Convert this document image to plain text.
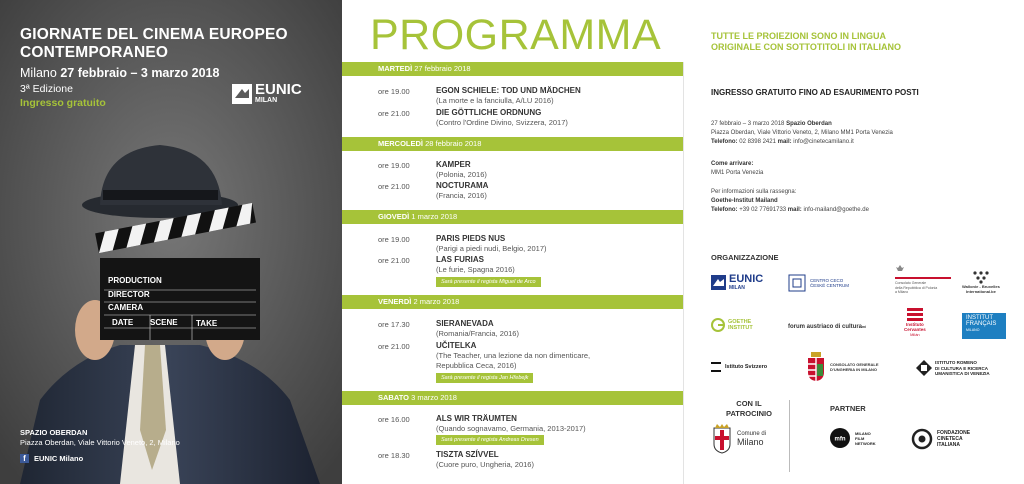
PRODUCTION
DIRECTOR
CAMERA
DATE SCENE TAKE
GIORNATE DEL CINEMA EUROPEO
CONTEMPORANEO
Milano 27 febbraio – 3 marzo 2018
3ª Edizione
Ingresso gratuito
EUNIC
MILAN
SPAZIO OBERDAN
Piazza Oberdan, Viale Vittorio Veneto, 2, Milano
f	EUNIC Milano
PROGRAMMA
MARTEDÌ 27 febbraio 2018
ore 19.00	EGON SCHIELE: TOD UND MÄDCHEN
(La morte e la fanciulla, A/LU 2016)
ore 21.00	DIE GÖTTLICHE ORDNUNG
(Contro l'Ordine Divino, Svizzera, 2017)
MERCOLEDÌ 28 febbraio 2018
ore 19.00	KAMPER
(Polonia, 2016)
ore 21.00	NOCTURAMA
(Francia, 2016)
GIOVEDÌ 1 marzo 2018
ore 19.00	PARIS PIEDS NUS
(Parigi a piedi nudi, Belgio, 2017)
ore 21.00	LAS FURIAS
(Le furie, Spagna 2016)
Sarà presente il regista Miguel de Arco
VENERDÌ 2 marzo 2018
ore 17.30	SIERANEVADA
(Romania/Francia, 2016)
ore 21.00	UČITELKA
(The Teacher, una lezione da non dimenticare,
Repubblica Ceca, 2016)
Sarà presente il regista Jan Hřebejk
SABATO 3 marzo 2018
ore 16.00	ALS WIR TRÄUMTEN
(Quando sognavamo, Germania, 2013-2017)
Sarà presente il regista Andreas Dresen
ore 18.30	TISZTA SZÍVVEL
(Cuore puro, Ungheria, 2016)
TUTTE LE PROIEZIONI SONO IN LINGUA
ORIGINALE CON SOTTOTITOLI IN ITALIANO
INGRESSO GRATUITO FINO AD ESAURIMENTO POSTI
27 febbraio – 3 marzo 2018 Spazio Oberdan
Piazza Oberdan, Viale Vittorio Veneto, 2, Milano MM1 Porta Venezia
Telefono: 02 8398 2421 mail: info@cinetecamilano.it
Come arrivare:
MM1 Porta Venezia
Per informazioni sulla rassegna:
Goethe-Institut Mailand
Telefono: +39 02 77691733 mail: info-mailand@goethe.de
ORGANIZZAZIONE
EUNIC
MILAN
CENTRO CECO
ČESKÉ CENTRUM	Consolato Generale
della Repubblica di Polonia
a Milano
Wallonie - Bruxelles
International.be
GOETHE
INSTITUT	forum austriaco di cultura mi	Instituto
Cervantes
Milán
INSTITUT
FRANÇAIS
MILANO
Istituto Svizzero	CONSOLATO GENERALE
D'UNGHERIA IN MILANO
ISTITUTO ROMENO
DI CULTURA E RICERCA
UMANISTICA DI VENEZIA
CON IL
PATROCINIO
PARTNER
Comune di
Milano	mfn
MILANO
FILM
NETWORK
FONDAZIONE
CINETECA
ITALIANA
